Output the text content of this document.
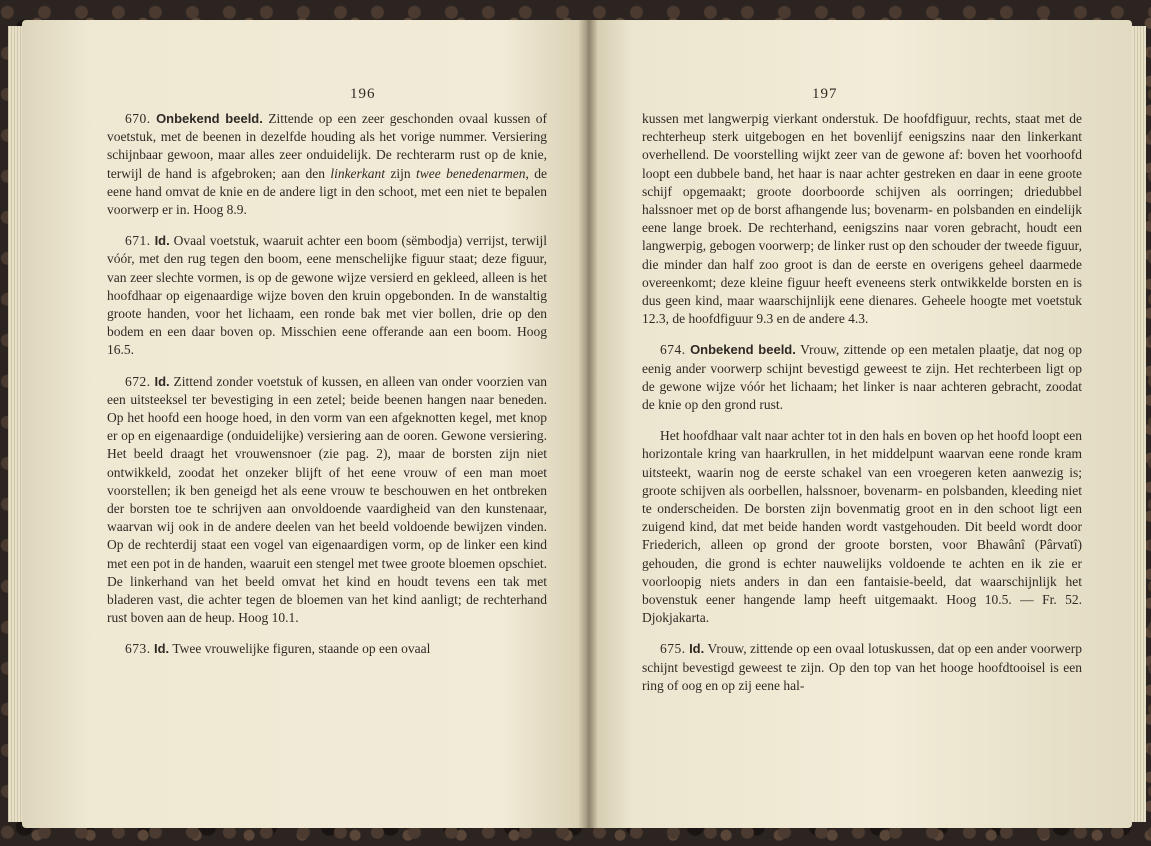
196

670. Onbekend beeld. Zittende op een zeer geschonden ovaal kussen of voetstuk, met de beenen in dezelfde houding als het vorige nummer. Versiering schijnbaar gewoon, maar alles zeer onduidelijk. De rechterarm rust op de knie, terwijl de hand is afgebroken; aan den linkerkant zijn twee benedenarmen, de eene hand omvat de knie en de andere ligt in den schoot, met een niet te bepalen voorwerp er in. Hoog 8.9.

671. Id. Ovaal voetstuk, waaruit achter een boom (sëmbodja) verrijst, terwijl vóór, met den rug tegen den boom, eene menschelijke figuur staat; deze figuur, van zeer slechte vormen, is op de gewone wijze versierd en gekleed, alleen is het hoofdhaar op eigenaardige wijze boven den kruin opgebonden. In de wanstaltig groote handen, voor het lichaam, een ronde bak met vier bollen, drie op den bodem en een daar boven op. Misschien eene offerande aan een boom. Hoog 16.5.

672. Id. Zittend zonder voetstuk of kussen, en alleen van onder voorzien van een uitsteeksel ter bevestiging in een zetel; beide beenen hangen naar beneden. Op het hoofd een hooge hoed, in den vorm van een afgeknotten kegel, met knop er op en eigenaardige (onduidelijke) versiering aan de ooren. Gewone versiering. Het beeld draagt het vrouwensnoer (zie pag. 2), maar de borsten zijn niet ontwikkeld, zoodat het onzeker blijft of het eene vrouw of een man moet voorstellen; ik ben geneigd het als eene vrouw te beschouwen en het ontbreken der borsten toe te schrijven aan onvoldoende vaardigheid van den kunstenaar, waarvan wij ook in de andere deelen van het beeld voldoende bewijzen vinden. Op de rechterdij staat een vogel van eigenaardigen vorm, op de linker een kind met een pot in de handen, waaruit een stengel met twee groote bloemen opschiet. De linkerhand van het beeld omvat het kind en houdt tevens een tak met bladeren vast, die achter tegen de bloemen van het kind aanligt; de rechterhand rust boven aan de heup. Hoog 10.1.

673. Id. Twee vrouwelijke figuren, staande op een ovaal

197

kussen met langwerpig vierkant onderstuk. De hoofdfiguur, rechts, staat met de rechterheup sterk uitgebogen en het bovenlijf eenigszins naar den linkerkant overhellend. De voorstelling wijkt zeer van de gewone af: boven het voorhoofd loopt een dubbele band, het haar is naar achter gestreken en daar in eene groote schijf opgemaakt; groote doorboorde schijven als oorringen; driedubbel halssnoer met op de borst afhangende lus; bovenarm- en polsbanden en eindelijk eene lange broek. De rechterhand, eenigszins naar voren gebracht, houdt een langwerpig, gebogen voorwerp; de linker rust op den schouder der tweede figuur, die minder dan half zoo groot is dan de eerste en overigens geheel daarmede overeenkomt; deze kleine figuur heeft eveneens sterk ontwikkelde borsten en is dus geen kind, maar waarschijnlijk eene dienares. Geheele hoogte met voetstuk 12.3, de hoofdfiguur 9.3 en de andere 4.3.

674. Onbekend beeld. Vrouw, zittende op een metalen plaatje, dat nog op eenig ander voorwerp schijnt bevestigd geweest te zijn. Het rechterbeen ligt op de gewone wijze vóór het lichaam; het linker is naar achteren gebracht, zoodat de knie op den grond rust.

Het hoofdhaar valt naar achter tot in den hals en boven op het hoofd loopt een horizontale kring van haarkrullen, in het middelpunt waarvan eene ronde kram uitsteekt, waarin nog de eerste schakel van een vroegeren keten aanwezig is; groote schijven als oorbellen, halssnoer, bovenarm- en polsbanden, kleeding niet te onderscheiden. De borsten zijn bovenmatig groot en in den schoot ligt een zuigend kind, dat met beide handen wordt vastgehouden. Dit beeld wordt door Friederich, alleen op grond der groote borsten, voor Bhawânî (Pârvatî) gehouden, die grond is echter nauwelijks voldoende te achten en ik zie er voorloopig niets anders in dan een fantaisie-beeld, dat waarschijnlijk het bovenstuk eener hangende lamp heeft uitgemaakt. Hoog 10.5. — Fr. 52. Djokjakarta.

675. Id. Vrouw, zittende op een ovaal lotuskussen, dat op een ander voorwerp schijnt bevestigd geweest te zijn. Op den top van het hooge hoofdtooisel is een ring of oog en op zij eene hal-
